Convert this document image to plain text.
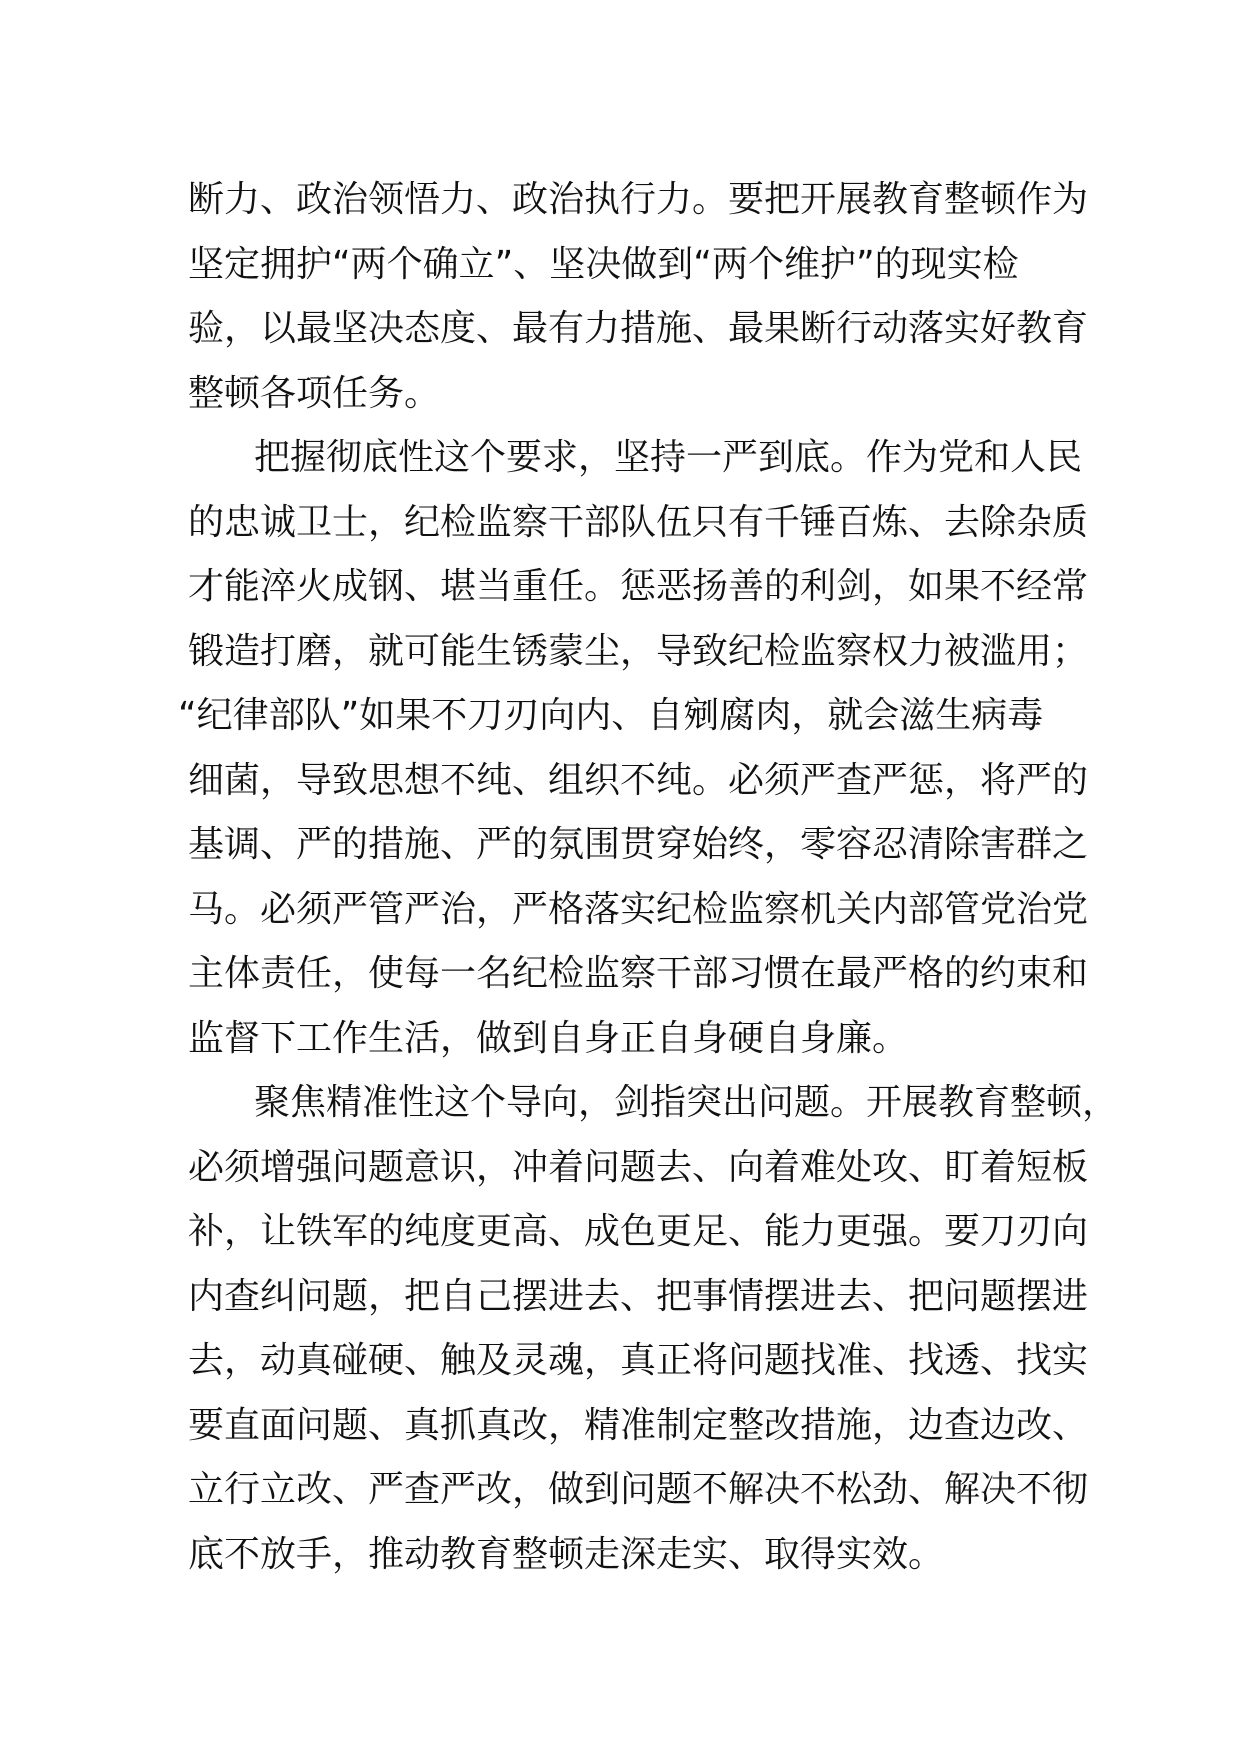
断力、政治领悟力、政治执行力。要把开展教育整顿作为

坚定拥护“两个确立”、坚决做到“两个维护”的现实检

验，以最坚决态度、最有力措施、最果断行动落实好教育

整顿各项任务。

把握彻底性这个要求，坚持一严到底。作为党和人民

的忠诚卫士，纪检监察干部队伍只有千锤百炼、去除杂质

才能淬火成钢、堪当重任。惩恶扬善的利剑，如果不经常

锻造打磨，就可能生锈蒙尘，导致纪检监察权力被滥用；

“纪律部队”如果不刀刃向内、自剜腐肉，就会滋生病毒

细菌，导致思想不纯、组织不纯。必须严查严惩，将严的

基调、严的措施、严的氛围贯穿始终，零容忍清除害群之

马。必须严管严治，严格落实纪检监察机关内部管党治党

主体责任，使每一名纪检监察干部习惯在最严格的约束和

监督下工作生活，做到自身正自身硬自身廉。

聚焦精准性这个导向，剑指突出问题。开展教育整顿，

必须增强问题意识，冲着问题去、向着难处攻、盯着短板

补，让铁军的纯度更高、成色更足、能力更强。要刀刃向

内查纠问题，把自己摆进去、把事情摆进去、把问题摆进

去，动真碰硬、触及灵魂，真正将问题找准、找透、找实

要直面问题、真抓真改，精准制定整改措施，边查边改、

立行立改、严查严改，做到问题不解决不松劲、解决不彻

底不放手，推动教育整顿走深走实、取得实效。
